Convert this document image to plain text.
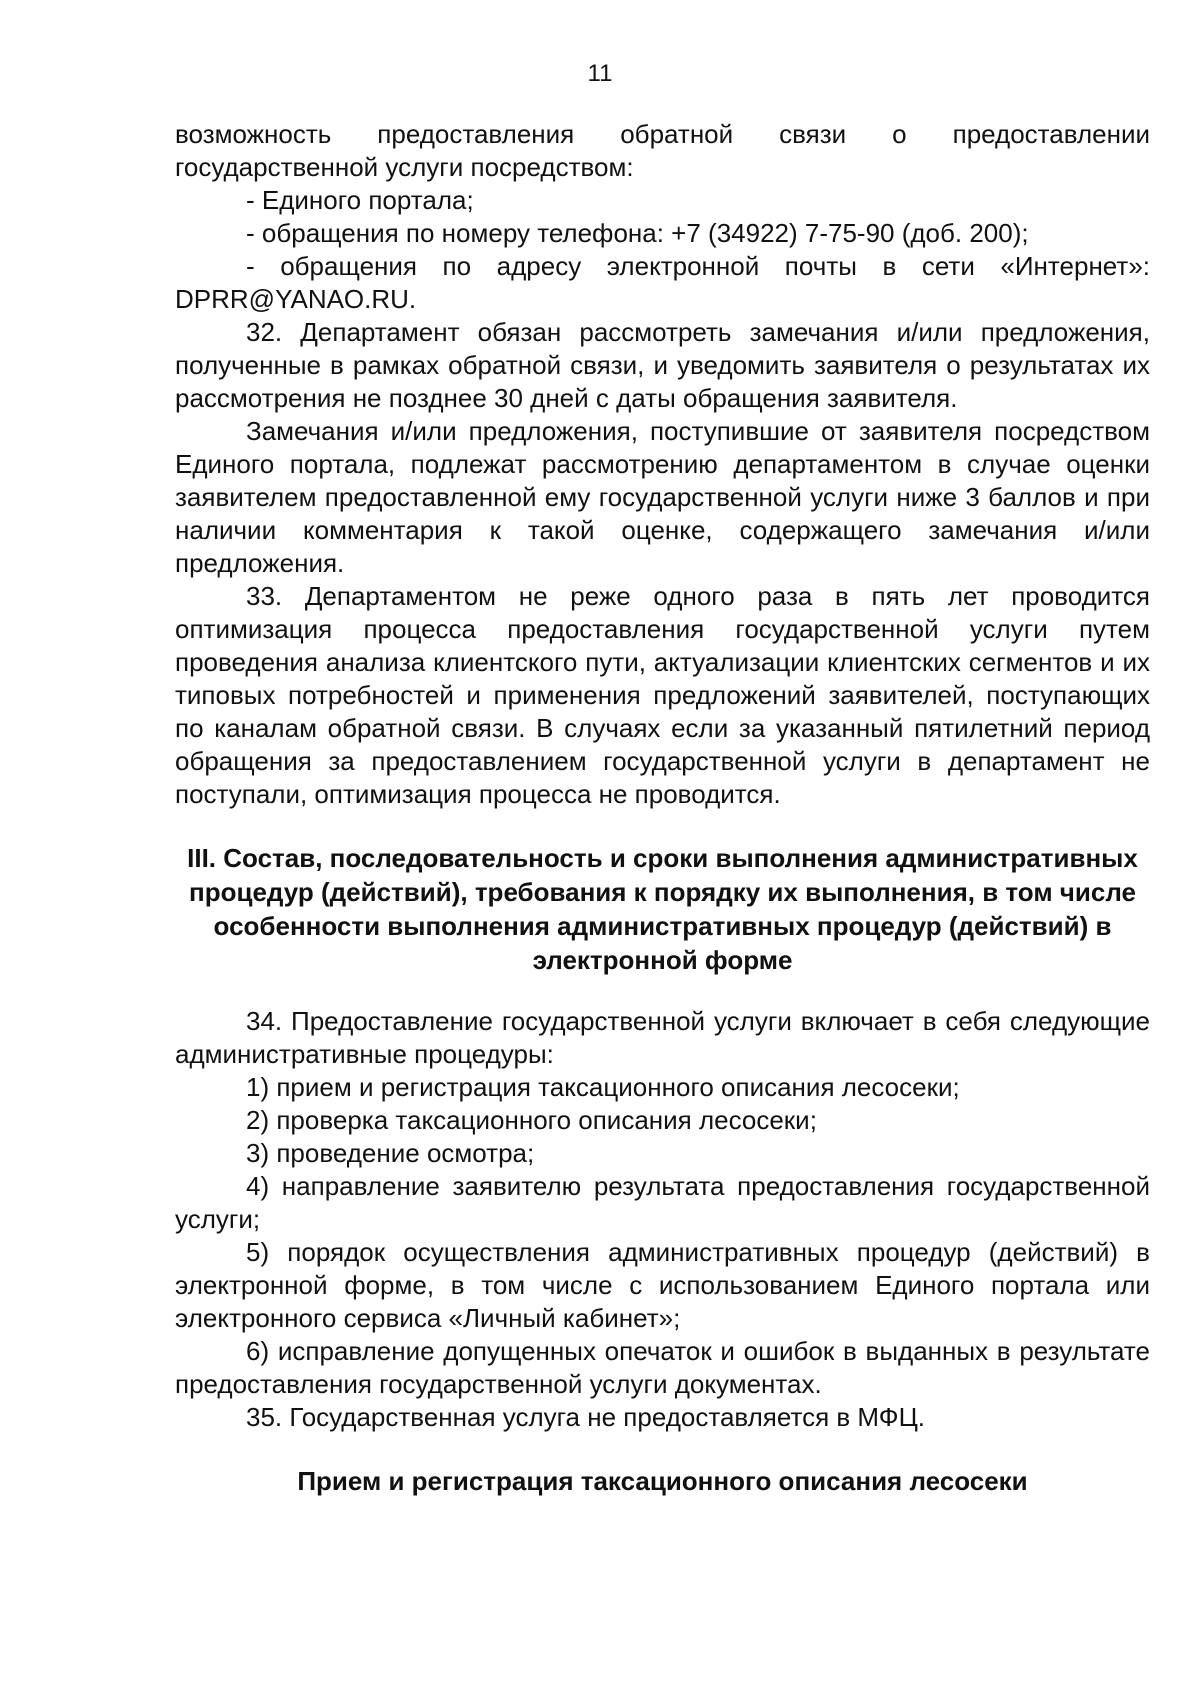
11

возможность предоставления обратной связи о предоставлении государственной услуги посредством:

- Единого портала;

- обращения по номеру телефона: +7 (34922) 7-75-90 (доб. 200);

- обращения по адресу электронной почты в сети «Интернет»: DPRR@YANAO.RU.

32. Департамент обязан рассмотреть замечания и/или предложения, полученные в рамках обратной связи, и уведомить заявителя о результатах их рассмотрения не позднее 30 дней с даты обращения заявителя.

Замечания и/или предложения, поступившие от заявителя посредством Единого портала, подлежат рассмотрению департаментом в случае оценки заявителем предоставленной ему государственной услуги ниже 3 баллов и при наличии комментария к такой оценке, содержащего замечания и/или предложения.

33. Департаментом не реже одного раза в пять лет проводится оптимизация процесса предоставления государственной услуги путем проведения анализа клиентского пути, актуализации клиентских сегментов и их типовых потребностей и применения предложений заявителей, поступающих по каналам обратной связи. В случаях если за указанный пятилетний период обращения за предоставлением государственной услуги в департамент не поступали, оптимизация процесса не проводится.

III. Состав, последовательность и сроки выполнения административных процедур (действий), требования к порядку их выполнения, в том числе особенности выполнения административных процедур (действий) в электронной форме

34. Предоставление государственной услуги включает в себя следующие административные процедуры:

1) прием и регистрация таксационного описания лесосеки;

2) проверка таксационного описания лесосеки;

3) проведение осмотра;

4) направление заявителю результата предоставления государственной услуги;

5) порядок осуществления административных процедур (действий) в электронной форме, в том числе с использованием Единого портала или электронного сервиса «Личный кабинет»;

6) исправление допущенных опечаток и ошибок в выданных в результате предоставления государственной услуги документах.

35. Государственная услуга не предоставляется в МФЦ.

Прием и регистрация таксационного описания лесосеки
